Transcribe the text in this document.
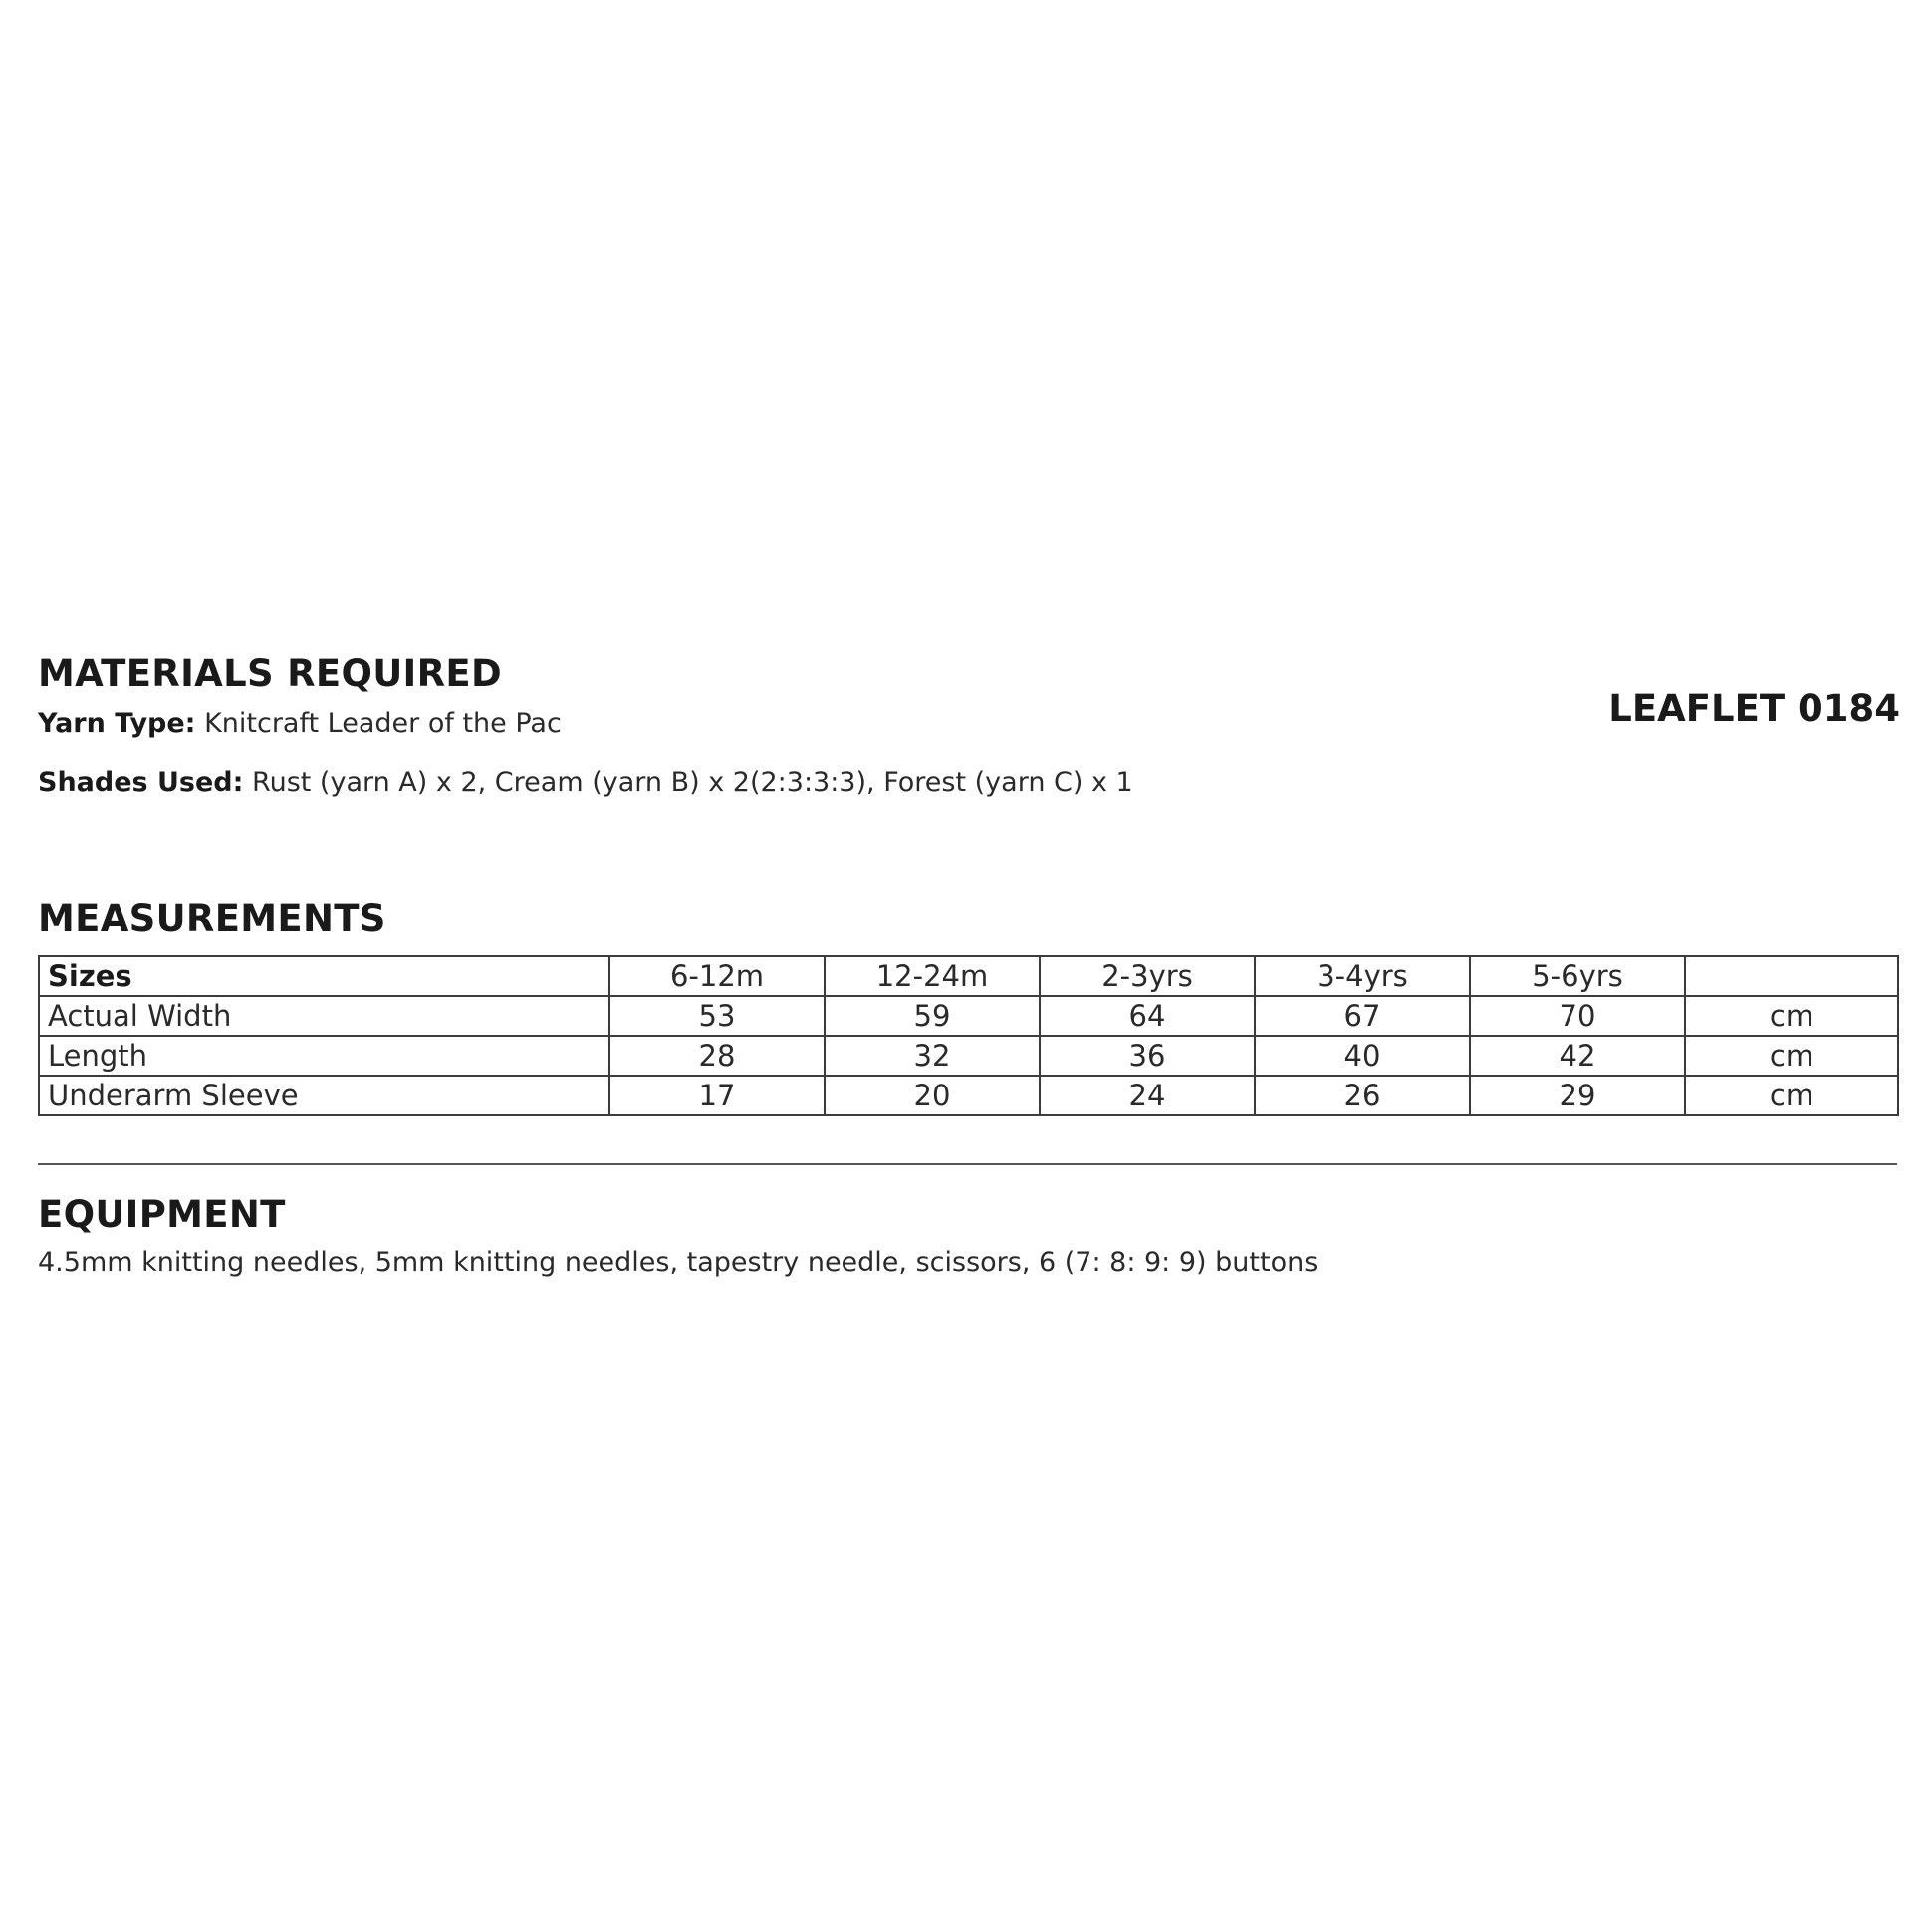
MATERIALS REQUIRED
Yarn Type: Knitcraft Leader of the Pac
Shades Used: Rust (yarn A) x 2, Cream (yarn B) x 2(2:3:3:3), Forest (yarn C) x 1
LEAFLET 0184
MEASUREMENTS
Sizes	6-12m	12-24m	2-3yrs	3-4yrs	5-6yrs	
Actual Width	53	59	64	67	70	cm
Length	28	32	36	40	42	cm
Underarm Sleeve	17	20	24	26	29	cm
EQUIPMENT
4.5mm knitting needles, 5mm knitting needles, tapestry needle, scissors, 6 (7: 8: 9: 9) buttons
